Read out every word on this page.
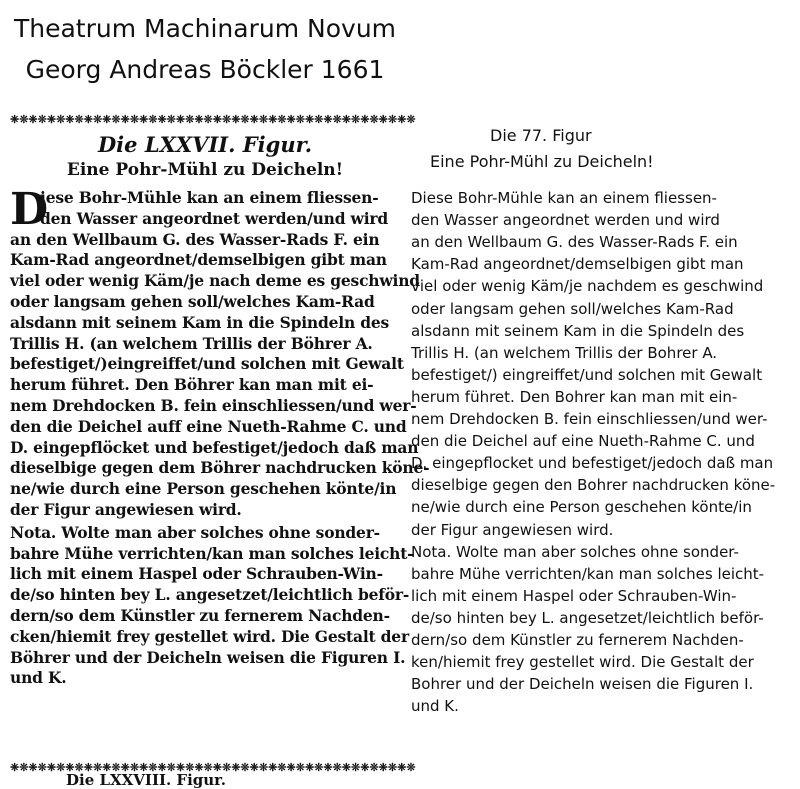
Theatrum Machinarum Novum
Georg Andreas Böckler 1661
❈❊❈❊❈❊❈❊❈❊❈❊❈❊❈❊❈❊❈❊❈❊❈❊❈❊❈❊❈❊❈❊❈❊❈❊❈❊❈❊❈❊❈❊
Die LXXVII. Figur.
Eine Pohr-Mühl zu Deicheln!
D
iese Bohr-Mühle kan an einem fliessen-
den Wasser angeordnet werden/und wird
an den Wellbaum G. des Wasser-Rads F. ein
Kam-Rad angeordnet/demselbigen gibt man
viel oder wenig Käm/je nach deme es geschwind
oder langsam gehen soll/welches Kam-Rad
alsdann mit seinem Kam in die Spindeln des
Trillis H. (an welchem Trillis der Böhrer A.
befestiget/)eingreiffet/und solchen mit Gewalt
herum führet. Den Böhrer kan man mit ei-
nem Drehdocken B. fein einschliessen/und wer-
den die Deichel auff eine Nueth-Rahme C. und
D. eingepflöcket und befestiget/jedoch daß man
dieselbige gegen dem Böhrer nachdrucken köne-
ne/wie durch eine Person geschehen könte/in
der Figur angewiesen wird.
Nota. Wolte man aber solches ohne sonder-
bahre Mühe verrichten/kan man solches leicht-
lich mit einem Haspel oder Schrauben-Win-
de/so hinten bey L. angesetzet/leichtlich beför-
dern/so dem Künstler zu fernerem Nachden-
cken/hiemit frey gestellet wird. Die Gestalt der
Böhrer und der Deicheln weisen die Figuren I.
und K.
❈❊❈❊❈❊❈❊❈❊❈❊❈❊❈❊❈❊❈❊❈❊❈❊❈❊❈❊❈❊❈❊❈❊❈❊❈❊❈❊❈❊❈❊
Die LXXVIII. Figur.
Die 77. Figur
Eine Pohr-Mühl zu Deicheln!
Diese Bohr-Mühle kan an einem fliessen-
den Wasser angeordnet werden und wird
an den Wellbaum G. des Wasser-Rads F. ein
Kam-Rad angeordnet/demselbigen gibt man
viel oder wenig Käm/je nachdem es geschwind
oder langsam gehen soll/welches Kam-Rad
alsdann mit seinem Kam in die Spindeln des
Trillis H. (an welchem Trillis der Bohrer A.
befestiget/) eingreiffet/und solchen mit Gewalt
herum führet. Den Bohrer kan man mit ein-
nem Drehdocken B. fein einschliessen/und wer-
den die Deichel auf eine Nueth-Rahme C. und
D. eingepflocket und befestiget/jedoch daß man
dieselbige gegen den Bohrer nachdrucken köne-
ne/wie durch eine Person geschehen könte/in
der Figur angewiesen wird.
Nota. Wolte man aber solches ohne sonder-
bahre Mühe verrichten/kan man solches leicht-
lich mit einem Haspel oder Schrauben-Win-
de/so hinten bey L. angesetzet/leichtlich beför-
dern/so dem Künstler zu fernerem Nachden-
ken/hiemit frey gestellet wird. Die Gestalt der
Bohrer und der Deicheln weisen die Figuren I.
und K.
